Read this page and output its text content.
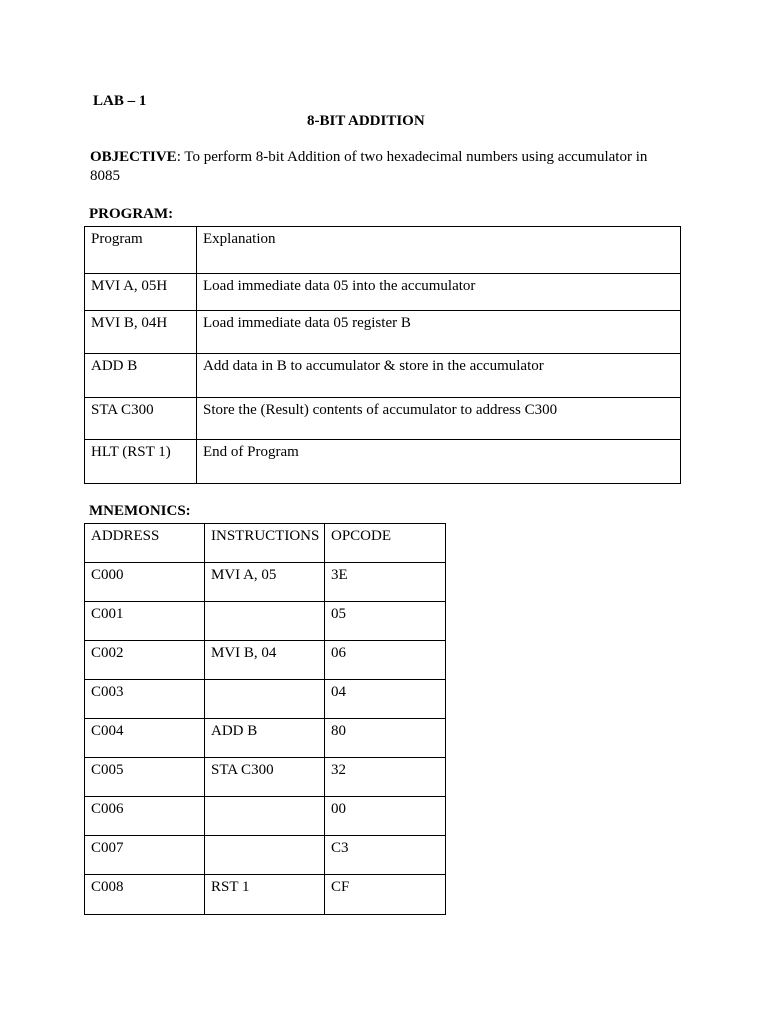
LAB – 1
8-BIT ADDITION
OBJECTIVE: To perform 8-bit Addition of two hexadecimal numbers using accumulator in 8085
PROGRAM:
Program	Explanation
MVI A, 05H	Load immediate data 05 into the accumulator
MVI B, 04H	Load immediate data 05 register B
ADD B	Add data in B to accumulator & store in the accumulator
STA C300	Store the (Result) contents of accumulator to address C300
HLT (RST 1)	End of Program
MNEMONICS:
ADDRESS	INSTRUCTIONS	OPCODE
C000	MVI A, 05	3E
C001		05
C002	MVI B, 04	06
C003		04
C004	ADD B	80
C005	STA C300	32
C006		00
C007		C3
C008	RST 1	CF
